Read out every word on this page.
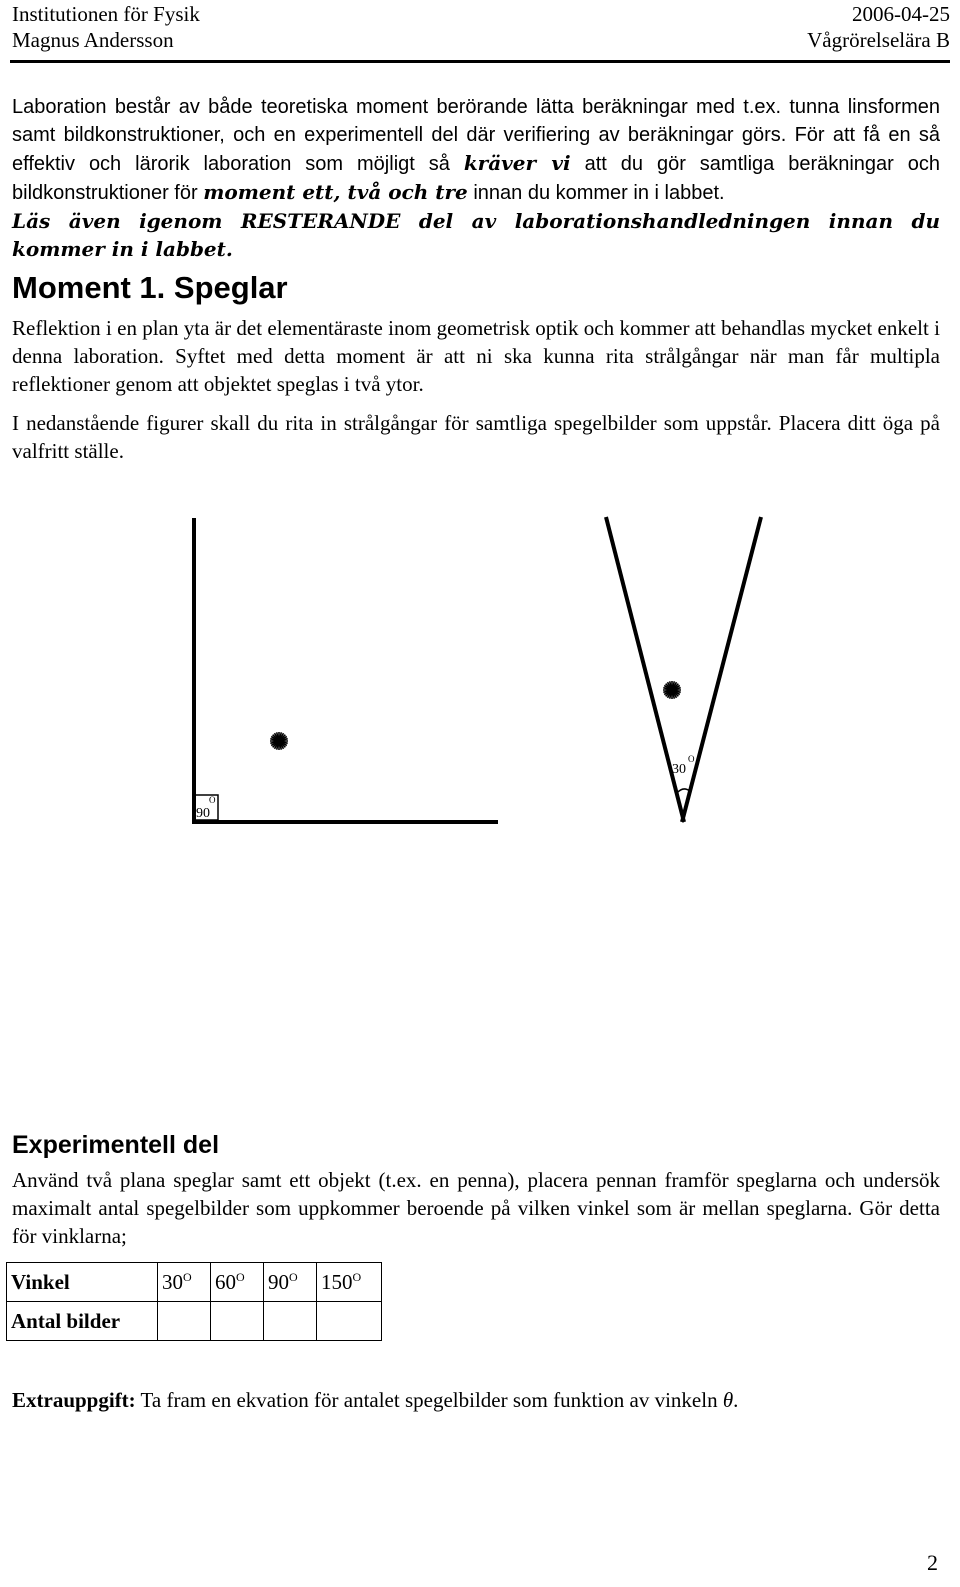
Institutionen för Fysik
Magnus Andersson
2006-04-25
Vågrörelselära B
Laboration består av både teoretiska moment berörande lätta beräkningar med t.ex. tunna linsformen samt bildkonstruktioner, och en experimentell del där verifiering av beräkningar görs. För att få en så effektiv och lärorik laboration som möjligt så kräver vi att du gör samtliga beräkningar och bildkonstruktioner för moment ett, två och tre innan du kommer in i labbet.
Läs även igenom RESTERANDE del av laborationshandledningen innan du kommer in i labbet.
Moment 1. Speglar
Reflektion i en plan yta är det elementäraste inom geometrisk optik och kommer att behandlas mycket enkelt i denna laboration. Syftet med detta moment är att ni ska kunna rita strålgångar när man får multipla reflektioner genom att objektet speglas i två ytor.
I nedanstående figurer skall du rita in strålgångar för samtliga spegelbilder som uppstår. Placera ditt öga på valfritt ställe.
90
O
30
O
Experimentell del
Använd två plana speglar samt ett objekt (t.ex. en penna), placera pennan framför speglarna och undersök maximalt antal spegelbilder som uppkommer beroende på vilken vinkel som är mellan speglarna. Gör detta för vinklarna;
Vinkel	$30^O$	$60^O$	$90^O$	$150^O$
Antal bilder				
Extrauppgift: Ta fram en ekvation för antalet spegelbilder som funktion av vinkeln θ.
2
